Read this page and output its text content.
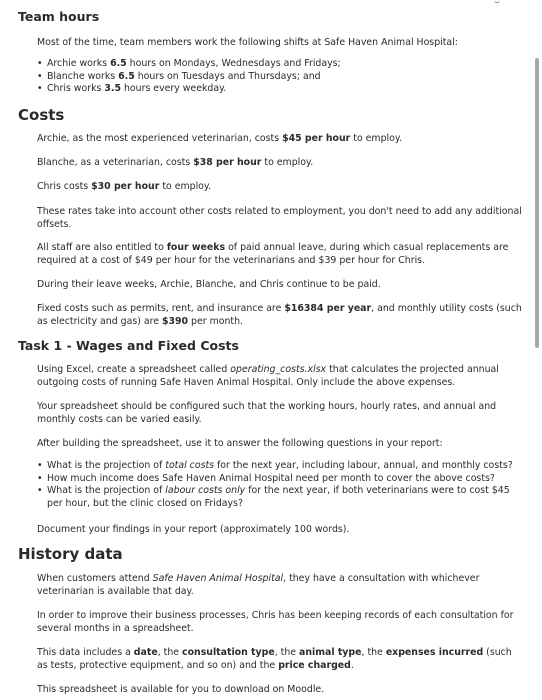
Team hours
Most of the time, team members work the following shifts at Safe Haven Animal Hospital:
• Archie works 6.5 hours on Mondays, Wednesdays and Fridays;
• Blanche works 6.5 hours on Tuesdays and Thursdays; and
• Chris works 3.5 hours every weekday.
Costs
Archie, as the most experienced veterinarian, costs $45 per hour to employ.
Blanche, as a veterinarian, costs $38 per hour to employ.
Chris costs $30 per hour to employ.
These rates take into account other costs related to employment, you don't need to add any additional offsets.
All staff are also entitled to four weeks of paid annual leave, during which casual replacements are required at a cost of $49 per hour for the veterinarians and $39 per hour for Chris.
During their leave weeks, Archie, Blanche, and Chris continue to be paid.
Fixed costs such as permits, rent, and insurance are $16384 per year, and monthly utility costs (such as electricity and gas) are $390 per month.
Task 1 - Wages and Fixed Costs
Using Excel, create a spreadsheet called operating_costs.xlsx that calculates the projected annual outgoing costs of running Safe Haven Animal Hospital. Only include the above expenses.
Your spreadsheet should be configured such that the working hours, hourly rates, and annual and monthly costs can be varied easily.
After building the spreadsheet, use it to answer the following questions in your report:
• What is the projection of total costs for the next year, including labour, annual, and monthly costs?
• How much income does Safe Haven Animal Hospital need per month to cover the above costs?
• What is the projection of labour costs only for the next year, if both veterinarians were to cost $45 per hour, but the clinic closed on Fridays?
Document your findings in your report (approximately 100 words).
History data
When customers attend Safe Haven Animal Hospital, they have a consultation with whichever veterinarian is available that day.
In order to improve their business processes, Chris has been keeping records of each consultation for several months in a spreadsheet.
This data includes a date, the consultation type, the animal type, the expenses incurred (such as tests, protective equipment, and so on) and the price charged.
This spreadsheet is available for you to download on Moodle.
